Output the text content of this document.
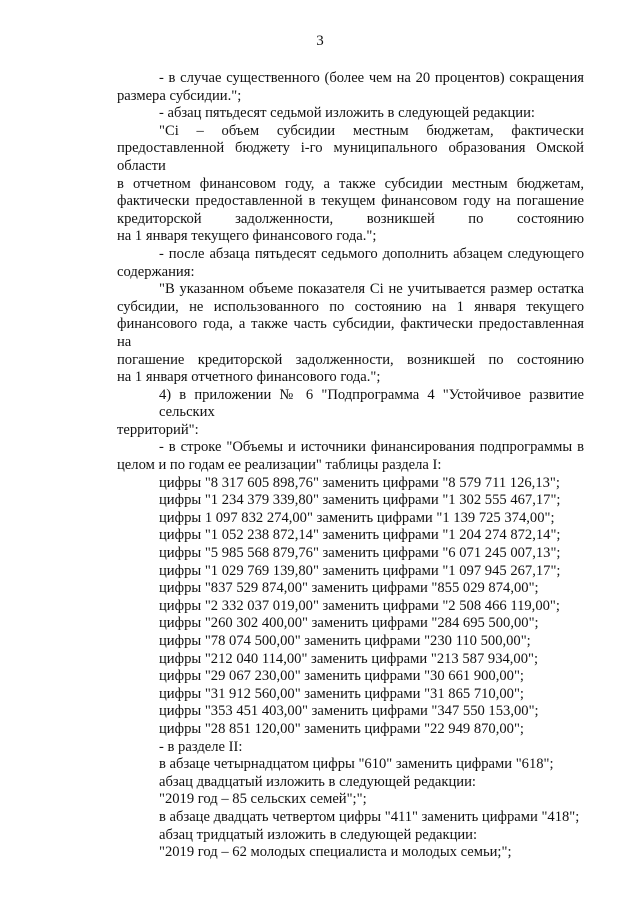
3

- в случае существенного (более чем на 20 процентов) сокращения

размера субсидии.";

- абзац пятьдесят седьмой изложить в следующей редакции:

"Ci – объем субсидии местным бюджетам, фактически

предоставленной бюджету i-го муниципального образования Омской области

в отчетном финансовом году, а также субсидии местным бюджетам,

фактически предоставленной в текущем финансовом году на погашение

кредиторской задолженности, возникшей по состоянию

на 1 января текущего финансового года.";

- после абзаца пятьдесят седьмого дополнить абзацем следующего

содержания:

"В указанном объеме показателя Ci не учитывается размер остатка

субсидии, не использованного по состоянию на 1 января текущего

финансового года, а также часть субсидии, фактически предоставленная на

погашение кредиторской задолженности, возникшей по состоянию

на 1 января отчетного финансового года.";

4) в приложении № 6 "Подпрограмма 4 "Устойчивое развитие сельских

территорий":

- в строке "Объемы и источники финансирования подпрограммы в

целом и по годам ее реализации" таблицы раздела I:

цифры "8 317 605 898,76" заменить цифрами "8 579 711 126,13";

цифры "1 234 379 339,80" заменить цифрами "1 302 555 467,17";

цифры 1 097 832 274,00" заменить цифрами "1 139 725 374,00";

цифры "1 052 238 872,14" заменить цифрами "1 204 274 872,14";

цифры "5 985 568 879,76" заменить цифрами "6 071 245 007,13";

цифры "1 029 769 139,80" заменить цифрами "1 097 945 267,17";

цифры "837 529 874,00" заменить цифрами "855 029 874,00";

цифры "2 332 037 019,00" заменить цифрами "2 508 466 119,00";

цифры "260 302 400,00" заменить цифрами "284 695 500,00";

цифры "78 074 500,00" заменить цифрами "230 110 500,00";

цифры "212 040 114,00" заменить цифрами "213 587 934,00";

цифры "29 067 230,00" заменить цифрами "30 661 900,00";

цифры "31 912 560,00" заменить цифрами "31 865 710,00";

цифры "353 451 403,00" заменить цифрами "347 550 153,00";

цифры "28 851 120,00" заменить цифрами "22 949 870,00";

- в разделе II:

в абзаце четырнадцатом цифры "610" заменить цифрами "618";

абзац двадцатый изложить в следующей редакции:

"2019 год – 85 сельских семей";";

в абзаце двадцать четвертом цифры "411" заменить цифрами "418";

абзац тридцатый изложить в следующей редакции:

"2019 год – 62 молодых специалиста и молодых семьи;";
